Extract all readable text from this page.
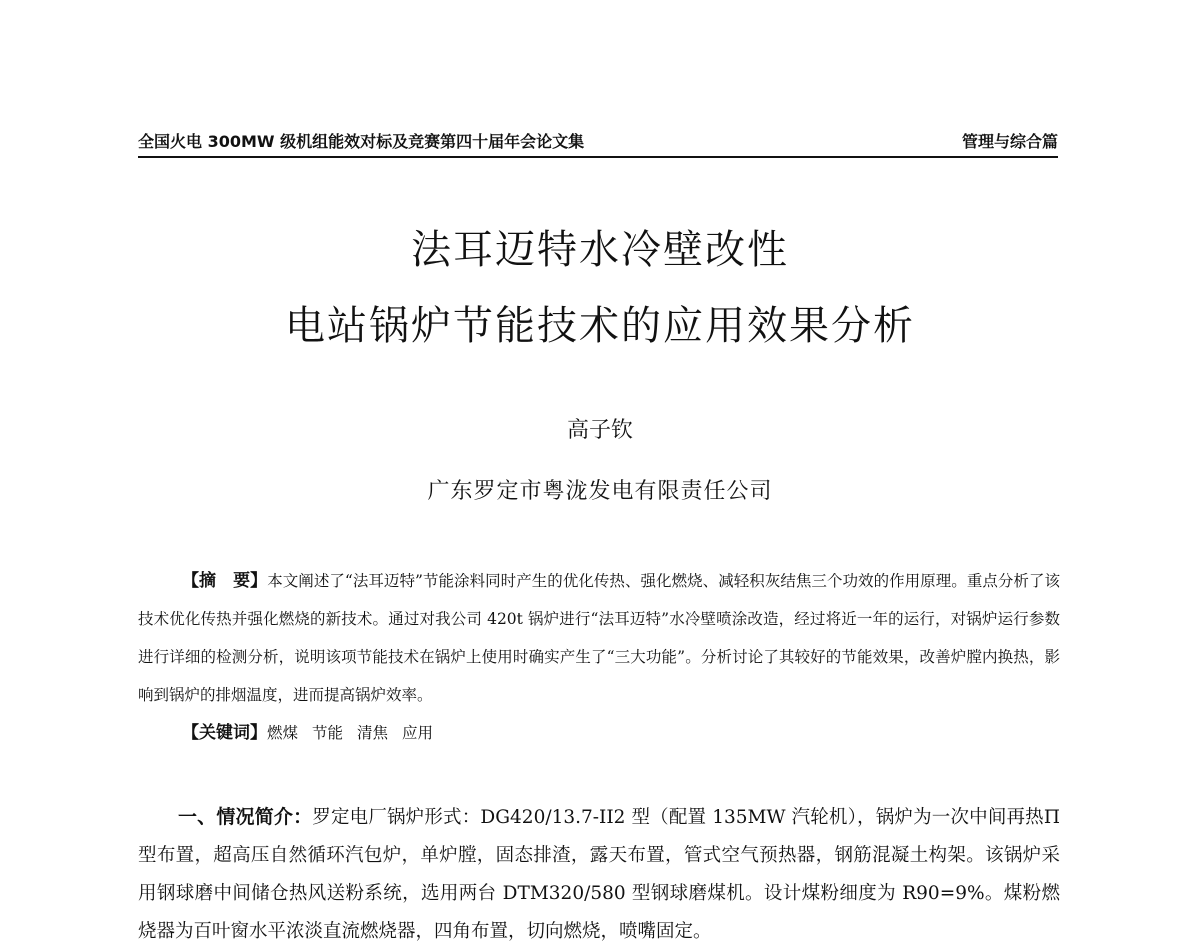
全国火电 300MW 级机组能效对标及竞赛第四十届年会论文集	管理与综合篇
法耳迈特水冷壁改性
电站锅炉节能技术的应用效果分析
高子钦
广东罗定市粤泷发电有限责任公司

【摘　要】本文阐述了“法耳迈特”节能涂料同时产生的优化传热、强化燃烧、减轻积灰结焦三个功效的作用原理。重点分析了该技术优化传热并强化燃烧的新技术。通过对我公司 420t 锅炉进行“法耳迈特”水冷壁喷涂改造，经过将近一年的运行，对锅炉运行参数进行详细的检测分析，说明该项节能技术在锅炉上使用时确实产生了“三大功能”。分析讨论了其较好的节能效果，改善炉膛内换热，影响到锅炉的排烟温度，进而提高锅炉效率。

【关键词】燃煤 节能 清焦 应用

一、情况简介：罗定电厂锅炉形式：DG420/13.7-II2 型（配置 135MW 汽轮机），锅炉为一次中间再热Π型布置，超高压自然循环汽包炉，单炉膛，固态排渣，露天布置，管式空气预热器，钢筋混凝土构架。该锅炉采用钢球磨中间储仓热风送粉系统，选用两台 DTM320/580 型钢球磨煤机。设计煤粉细度为 R90=9%。煤粉燃烧器为百叶窗水平浓淡直流燃烧器，四角布置，切向燃烧，喷嘴固定。
